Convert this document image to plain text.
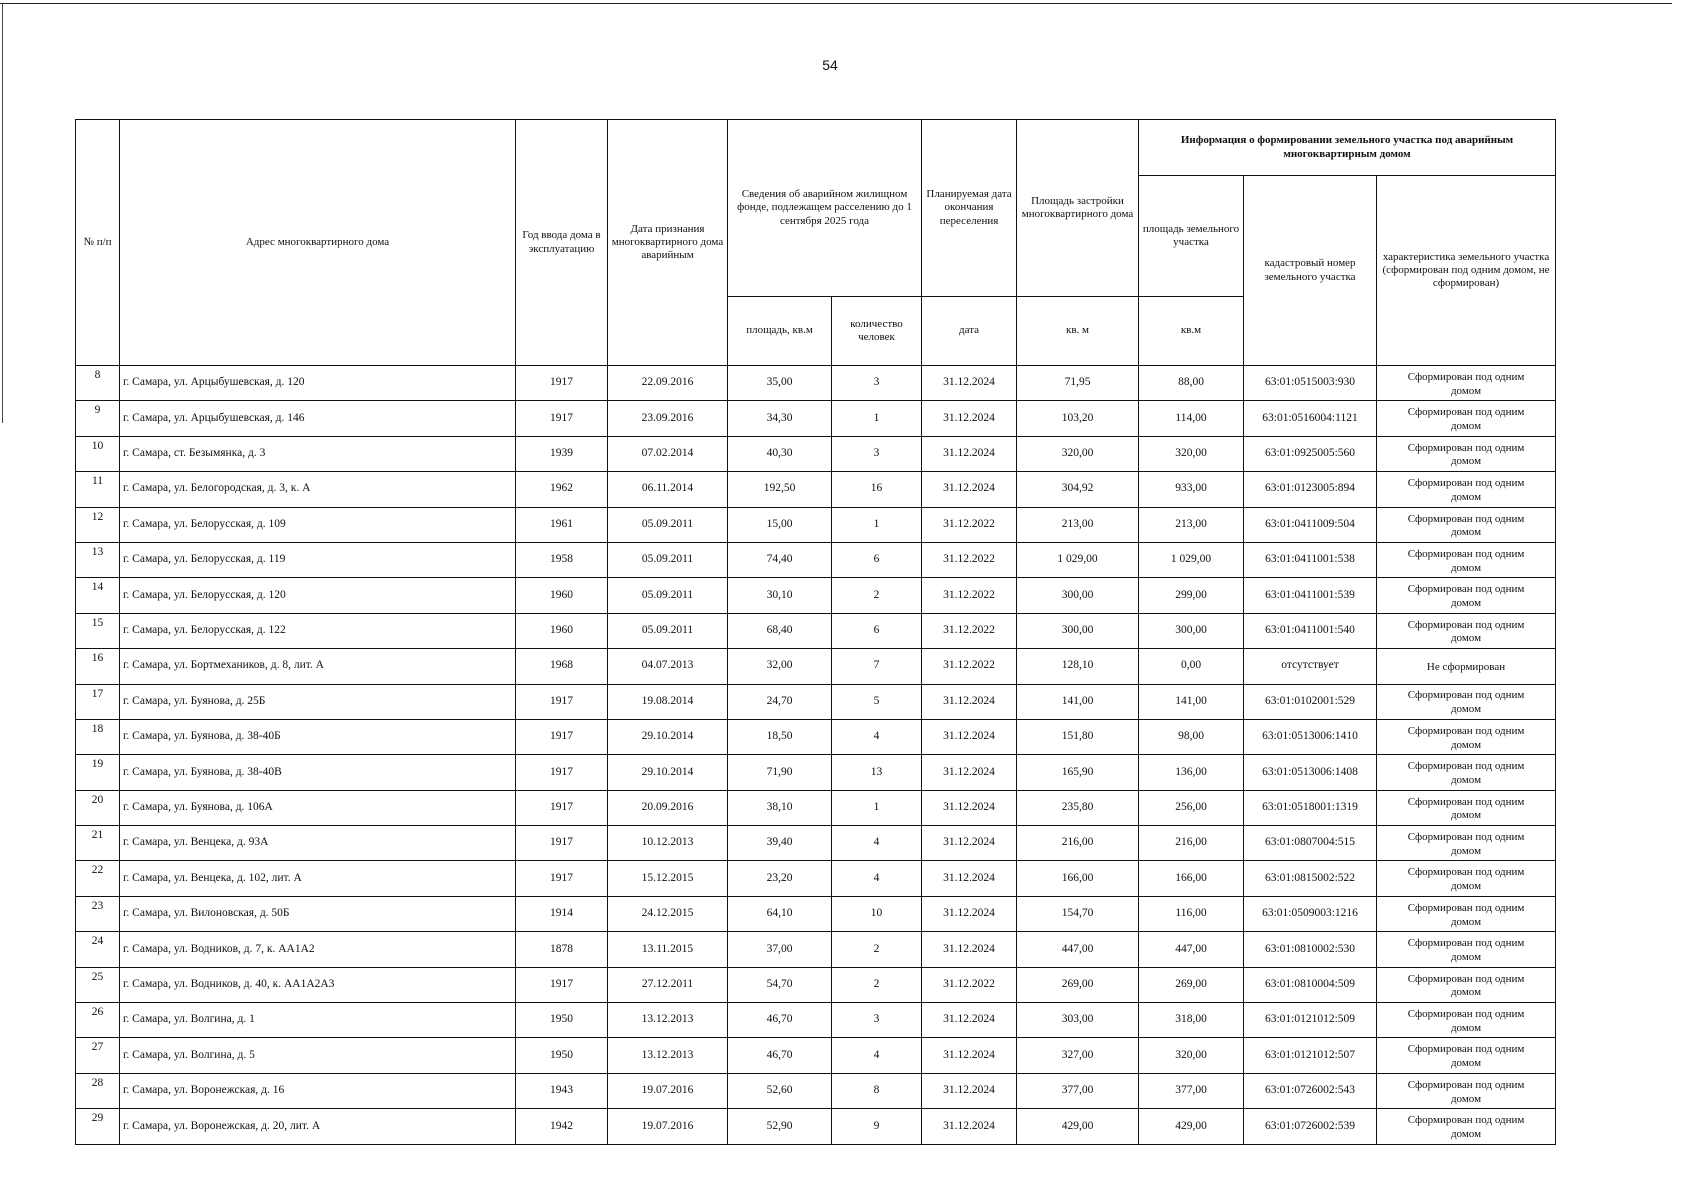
54
№ п/п	Адрес многоквартирного дома	Год ввода дома в эксплуатацию	Дата признания многоквартирного дома аварийным	Сведения об аварийном жилищном фонде, подлежащем расселению до 1 сентября 2025 года		Планируемая дата окончания переселения	Площадь застройки многоквартирного дома	Информация о формировании земельного участка под аварийным многоквартирным домом		
								площадь земельного участка	кадастровый номер земельного участка	характеристика земельного участка (сформирован под одним домом, не сформирован)
				площадь, кв.м	количество человек	дата	кв. м	кв.м		
8	г. Самара, ул. Арцыбушевская, д. 120	1917	22.09.2016	35,00	3	31.12.2024	71,95	88,00	63:01:0515003:930	Сформирован под одним
домом

9	г. Самара, ул. Арцыбушевская, д. 146	1917	23.09.2016	34,30	1	31.12.2024	103,20	114,00	63:01:0516004:1121	Сформирован под одним
домом

10	г. Самара, ст. Безымянка, д. 3	1939	07.02.2014	40,30	3	31.12.2024	320,00	320,00	63:01:0925005:560	Сформирован под одним
домом

11	г. Самара, ул. Белогородская, д. 3, к. А	1962	06.11.2014	192,50	16	31.12.2024	304,92	933,00	63:01:0123005:894	Сформирован под одним
домом

12	г. Самара, ул. Белорусская, д. 109	1961	05.09.2011	15,00	1	31.12.2022	213,00	213,00	63:01:0411009:504	Сформирован под одним
домом

13	г. Самара, ул. Белорусская, д. 119	1958	05.09.2011	74,40	6	31.12.2022	1 029,00	1 029,00	63:01:0411001:538	Сформирован под одним
домом

14	г. Самара, ул. Белорусская, д. 120	1960	05.09.2011	30,10	2	31.12.2022	300,00	299,00	63:01:0411001:539	Сформирован под одним
домом

15	г. Самара, ул. Белорусская, д. 122	1960	05.09.2011	68,40	6	31.12.2022	300,00	300,00	63:01:0411001:540	Сформирован под одним
домом

16	г. Самара, ул. Бортмехаников, д. 8, лит. А	1968	04.07.2013	32,00	7	31.12.2022	128,10	0,00	отсутствует	Не сформирован

17	г. Самара, ул. Буянова, д. 25Б	1917	19.08.2014	24,70	5	31.12.2024	141,00	141,00	63:01:0102001:529	Сформирован под одним
домом

18	г. Самара, ул. Буянова, д. 38-40Б	1917	29.10.2014	18,50	4	31.12.2024	151,80	98,00	63:01:0513006:1410	Сформирован под одним
домом

19	г. Самара, ул. Буянова, д. 38-40В	1917	29.10.2014	71,90	13	31.12.2024	165,90	136,00	63:01:0513006:1408	Сформирован под одним
домом

20	г. Самара, ул. Буянова, д. 106А	1917	20.09.2016	38,10	1	31.12.2024	235,80	256,00	63:01:0518001:1319	Сформирован под одним
домом

21	г. Самара, ул. Венцека, д. 93А	1917	10.12.2013	39,40	4	31.12.2024	216,00	216,00	63:01:0807004:515	Сформирован под одним
домом

22	г. Самара, ул. Венцека, д. 102, лит. А	1917	15.12.2015	23,20	4	31.12.2024	166,00	166,00	63:01:0815002:522	Сформирован под одним
домом

23	г. Самара, ул. Вилоновская, д. 50Б	1914	24.12.2015	64,10	10	31.12.2024	154,70	116,00	63:01:0509003:1216	Сформирован под одним
домом

24	г. Самара, ул. Водников, д. 7, к. АА1А2	1878	13.11.2015	37,00	2	31.12.2024	447,00	447,00	63:01:0810002:530	Сформирован под одним
домом

25	г. Самара, ул. Водников, д. 40, к. АА1А2А3	1917	27.12.2011	54,70	2	31.12.2022	269,00	269,00	63:01:0810004:509	Сформирован под одним
домом

26	г. Самара, ул. Волгина, д. 1	1950	13.12.2013	46,70	3	31.12.2024	303,00	318,00	63:01:0121012:509	Сформирован под одним
домом

27	г. Самара, ул. Волгина, д. 5	1950	13.12.2013	46,70	4	31.12.2024	327,00	320,00	63:01:0121012:507	Сформирован под одним
домом

28	г. Самара, ул. Воронежская, д. 16	1943	19.07.2016	52,60	8	31.12.2024	377,00	377,00	63:01:0726002:543	Сформирован под одним
домом

29	г. Самара, ул. Воронежская, д. 20, лит. А	1942	19.07.2016	52,90	9	31.12.2024	429,00	429,00	63:01:0726002:539	Сформирован под одним
домом
